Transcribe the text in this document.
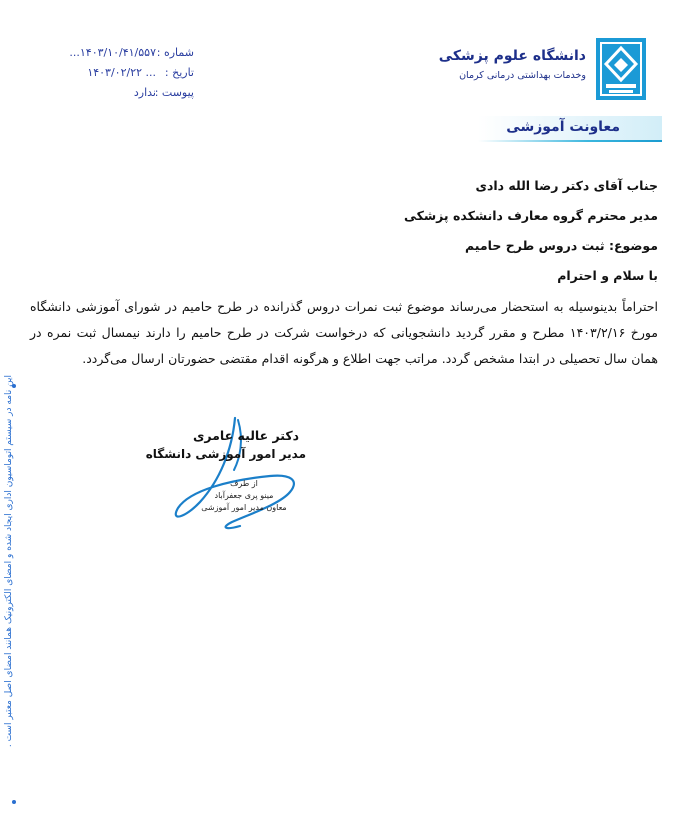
دانشگاه علوم پزشکی
وخدمات بهداشتی درمانی کرمان
معاونت آموزشی
شماره :
...۱۴۰۳/۱۰/۴۱/۵۵۷
تاریخ :
۱۴۰۳/۰۲/۲۲ ...
پیوست :
ندارد
جناب آقای دکتر رضا الله دادی
مدیر محترم گروه معارف دانشکده پزشکی
موضوع: ثبت دروس طرح حامیم
با سلام و احترام
احتراماً بدینوسیله به استحضار می‌رساند موضوع ثبت نمرات دروس گذرانده در طرح حامیم در شورای آموزشی دانشگاه مورخ ۱۴۰۳/۲/۱۶ مطرح و مقرر گردید دانشجویانی که درخواست شرکت در طرح حامیم را دارند نیمسال ثبت نمره در همان سال تحصیلی در ابتدا مشخص گردد. مراتب جهت اطلاع و هرگونه اقدام مقتضی حضورتان ارسال می‌گردد.
دکتر عالیه عامری
مدیر امور آموزشی دانشگاه
از طرف
مینو پری جعفرآباد
معاون مدیر امور آموزشی
این نامه در سیستم اتوماسیون اداری ایجاد شده و امضای الکترونیک همانند امضای اصل معتبر است .
